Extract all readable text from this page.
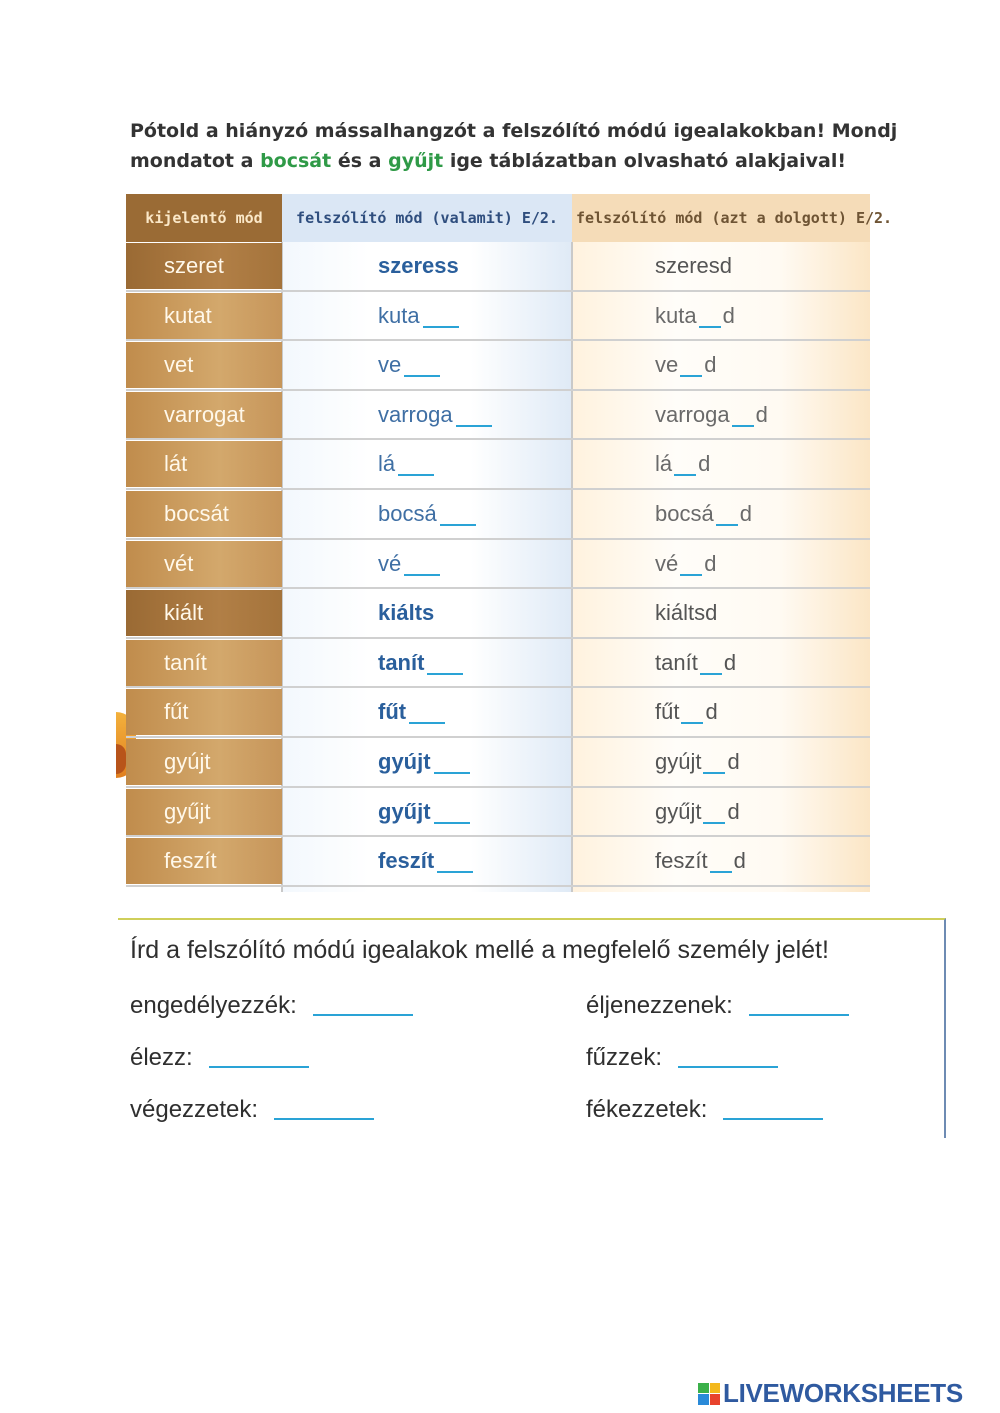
Pótold a hiányzó mássalhangzót a felszólító módú igealakokban! Mondj
mondatot a bocsát és a gyűjt ige táblázatban olvasható alakjaival!

kijelentő mód	felszólító mód (valamit) E/2.	felszólító mód (azt a dolgott) E/2.
szeret	szeress	szeresd
kutat	kuta	kuta d
vet	ve	ve d
varrogat	varroga	varroga d
lát	lá	lá d
bocsát	bocsá	bocsá d
vét	vé	vé d
kiált	kiálts	kiáltsd
tanít	tanít	tanít d
fűt	fűt	fűt d
gyújt	gyújt	gyújt d
gyűjt	gyűjt	gyűjt d
feszít	feszít	feszít d

Írd a felszólító módú igealakok mellé a megfelelő személy jelét!

engedélyezzék:	éljenezzenek:
élezz:	fűzzek:
végezzetek:	fékezzetek:
LIVEWORKSHEETS
